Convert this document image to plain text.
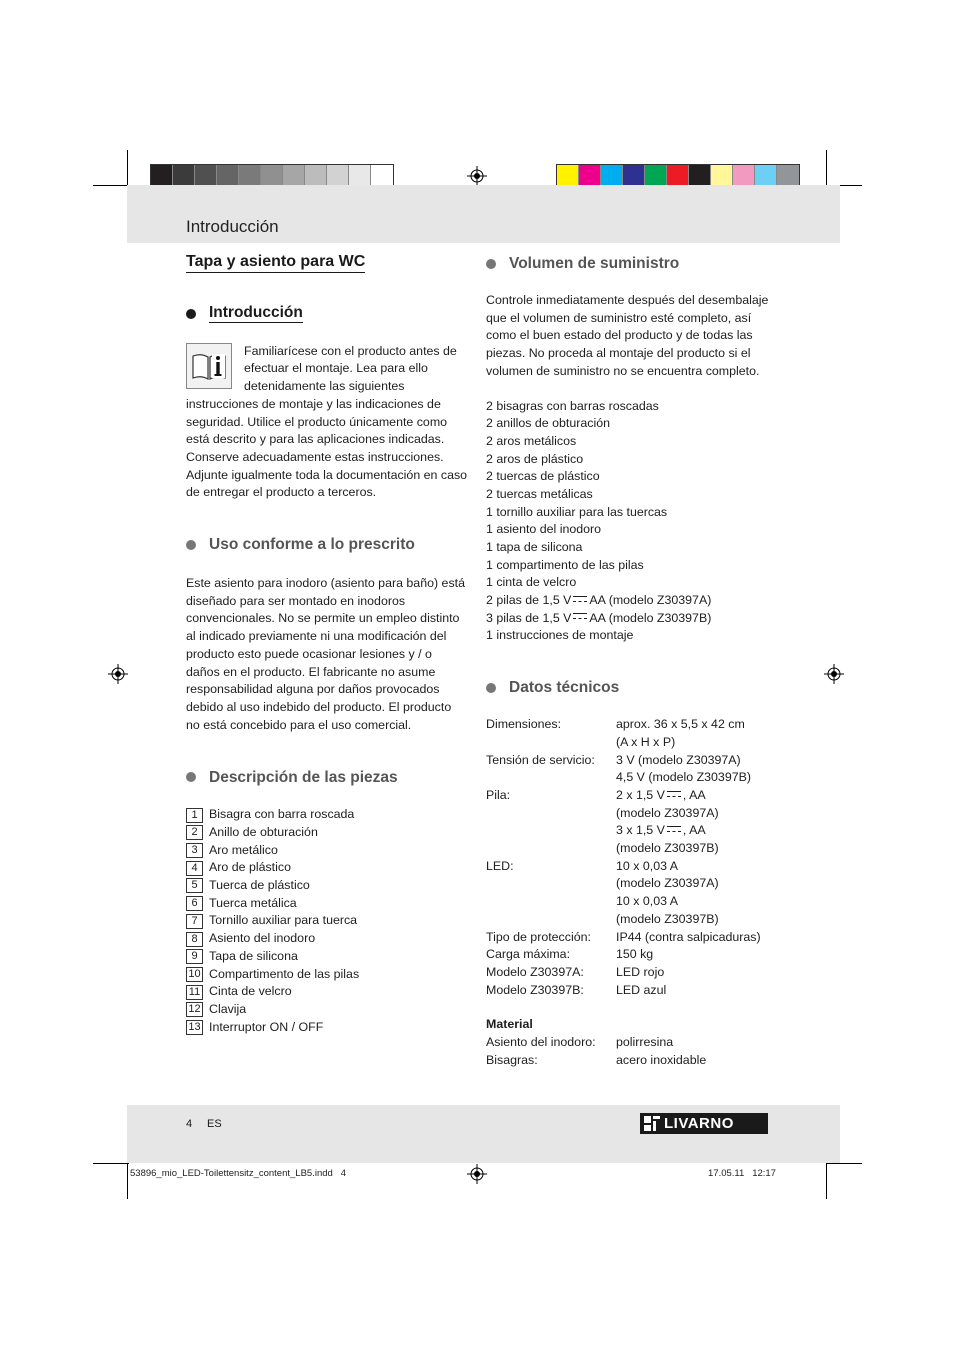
Introducción
Tapa y asiento para WC
Introducción

Familiarícese con el producto antes de efectuar el montaje. Lea para ello detenidamente las siguientes instrucciones de montaje y las indicaciones de seguridad. Utilice el producto únicamente como está descrito y para las aplicaciones indicadas. Conserve adecuadamente estas instrucciones. Adjunte igualmente toda la documentación en caso de entregar el producto a terceros.

Uso conforme a lo prescrito

Este asiento para inodoro (asiento para baño) está diseñado para ser montado en inodoros convencionales. No se permite un empleo distinto al indicado previamente ni una modificación del producto esto puede ocasionar lesiones y / o daños en el producto. El fabricante no asume responsabilidad alguna por daños provocados debido al uso indebido del producto. El producto no está concebido para el uso comercial.

Descripción de las piezas
1 Bisagra con barra roscada
2 Anillo de obturación
3 Aro metálico
4 Aro de plástico
5 Tuerca de plástico
6 Tuerca metálica
7 Tornillo auxiliar para tuerca
8 Asiento del inodoro
9 Tapa de silicona
10 Compartimento de las pilas
11 Cinta de velcro
12 Clavija
13 Interruptor ON / OFF
Volumen de suministro

Controle inmediatamente después del desembalaje que el volumen de suministro esté completo, así como el buen estado del producto y de todas las piezas. No proceda al montaje del producto si el volumen de suministro no se encuentra completo.

2 bisagras con barras roscadas
2 anillos de obturación
2 aros metálicos
2 aros de plástico
2 tuercas de plástico
2 tuercas metálicas
1 tornillo auxiliar para las tuercas
1 asiento del inodoro
1 tapa de silicona
1 compartimento de las pilas
1 cinta de velcro
2 pilas de 1,5 V AA (modelo Z30397A)
3 pilas de 1,5 V AA (modelo Z30397B)
1 instrucciones de montaje
Datos técnicos
Dimensiones:	aprox. 36 x 5,5 x 42 cm
(A x H x P)
Tensión de servicio:	3 V (modelo Z30397A)
4,5 V (modelo Z30397B)
Pila:	2 x 1,5 V , AA
(modelo Z30397A)
3 x 1,5 V , AA
(modelo Z30397B)
LED:	10 x 0,03 A
(modelo Z30397A)
10 x 0,03 A
(modelo Z30397B)
Tipo de protección:	IP44 (contra salpicaduras)
Carga máxima:	150 kg
Modelo Z30397A:	LED rojo
Modelo Z30397B:	LED azul
Material
Asiento del inodoro:	polirresina
Bisagras:	acero inoxidable
4 ES	LIVARNO
53896_mio_LED-Toilettensitz_content_LB5.indd   4	17.05.11   12:17
